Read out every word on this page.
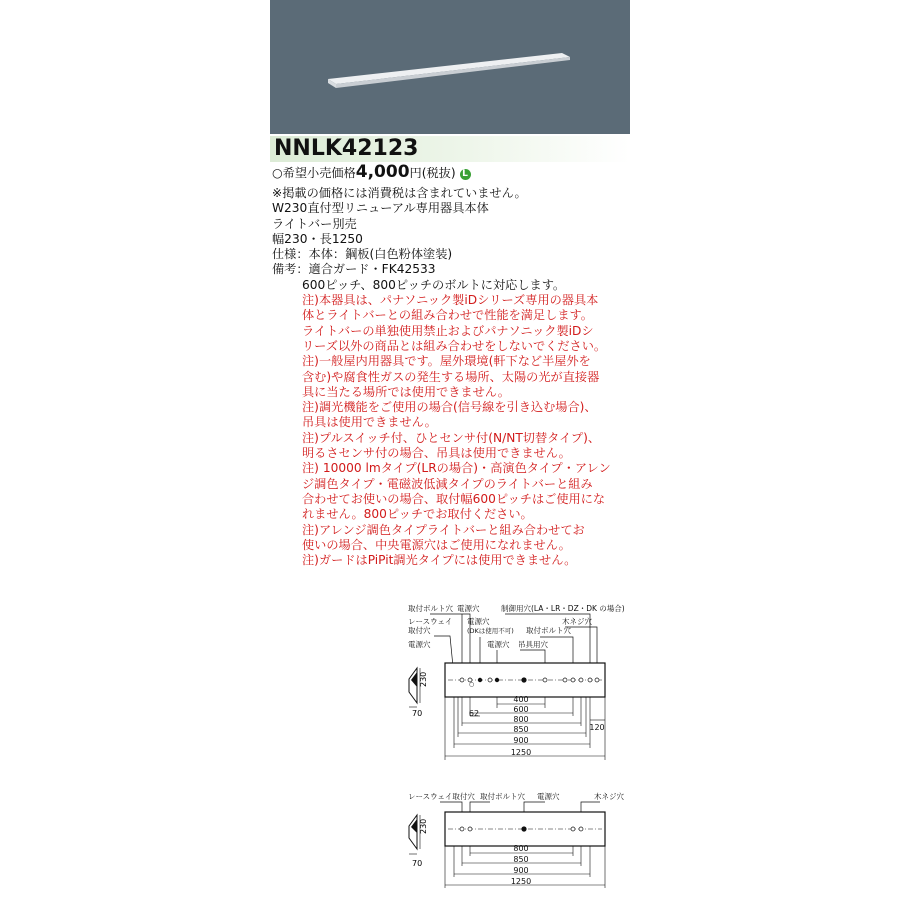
NNLK42123
○希望小売価格4,000円(税抜) L
※掲載の価格には消費税は含まれていません。
W230直付型リニューアル専用器具本体
ライトバー別売
幅230・長1250
仕様：本体：鋼板(白色粉体塗装)
備考：適合ガード・FK42533
600ピッチ、800ピッチのボルトに対応します。
注)本器具は、パナソニック製iDシリーズ専用の器具本
体とライトバーとの組み合わせで性能を満足します。
ライトバーの単独使用禁止およびパナソニック製iDシ
リーズ以外の商品とは組み合わせをしないでください。
注)一般屋内用器具です。屋外環境(軒下など半屋外を
含む)や腐食性ガスの発生する場所、太陽の光が直接器
具に当たる場所では使用できません。
注)調光機能をご使用の場合(信号線を引き込む場合)、
吊具は使用できません。
注)プルスイッチ付、ひとセンサ付(N/NT切替タイプ)、
明るさセンサ付の場合、吊具は使用できません。
注) 10000 lmタイプ(LRの場合)・高演色タイプ・アレン
ジ調色タイプ・電磁波低減タイプのライトバーと組み
合わせてお使いの場合、取付幅600ピッチはご使用にな
れません。800ピッチでお取付ください。
注)アレンジ調色タイプライトバーと組み合わせてお
使いの場合、中央電源穴はご使用になれません。
注)ガードはPiPit調光タイプには使用できません。
取付ボルト穴 電源穴	制御用穴(LA・LR・DZ・DK の場合)
レースウェイ
取付穴
電源穴
(DKは使用不可) 取付ボルト穴
木ネジ穴
電源穴	電源穴 吊具用穴
230
70
○
62
400
600
800
850
900
1250
120
レースウェイ取付穴 取付ボルト穴 電源穴	木ネジ穴
230
70
800
850
900
1250
